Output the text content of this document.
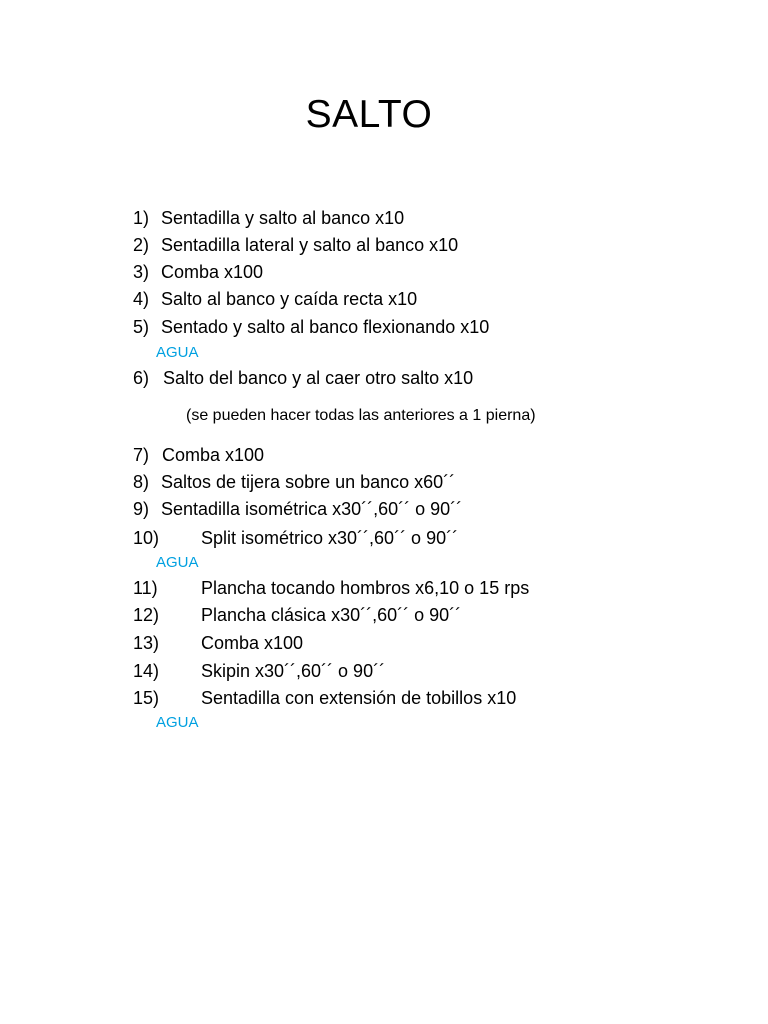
SALTO
1) Sentadilla y salto al banco x10
2) Sentadilla lateral y salto al banco x10
3) Comba x100
4) Salto al banco y caída recta x10
5) Sentado y salto al banco flexionando x10
AGUA
6) Salto del banco y al caer otro salto x10
(se pueden hacer todas las anteriores a 1 pierna)
7) Comba x100
8) Saltos de tijera sobre un banco x60´´
9) Sentadilla isométrica x30´´,60´´ o 90´´
10) Split isométrico x30´´,60´´ o 90´´
AGUA
11) Plancha tocando hombros x6,10 o 15 rps
12) Plancha clásica x30´´,60´´ o 90´´
13) Comba x100
14) Skipin x30´´,60´´ o 90´´
15) Sentadilla con extensión de tobillos x10
AGUA
